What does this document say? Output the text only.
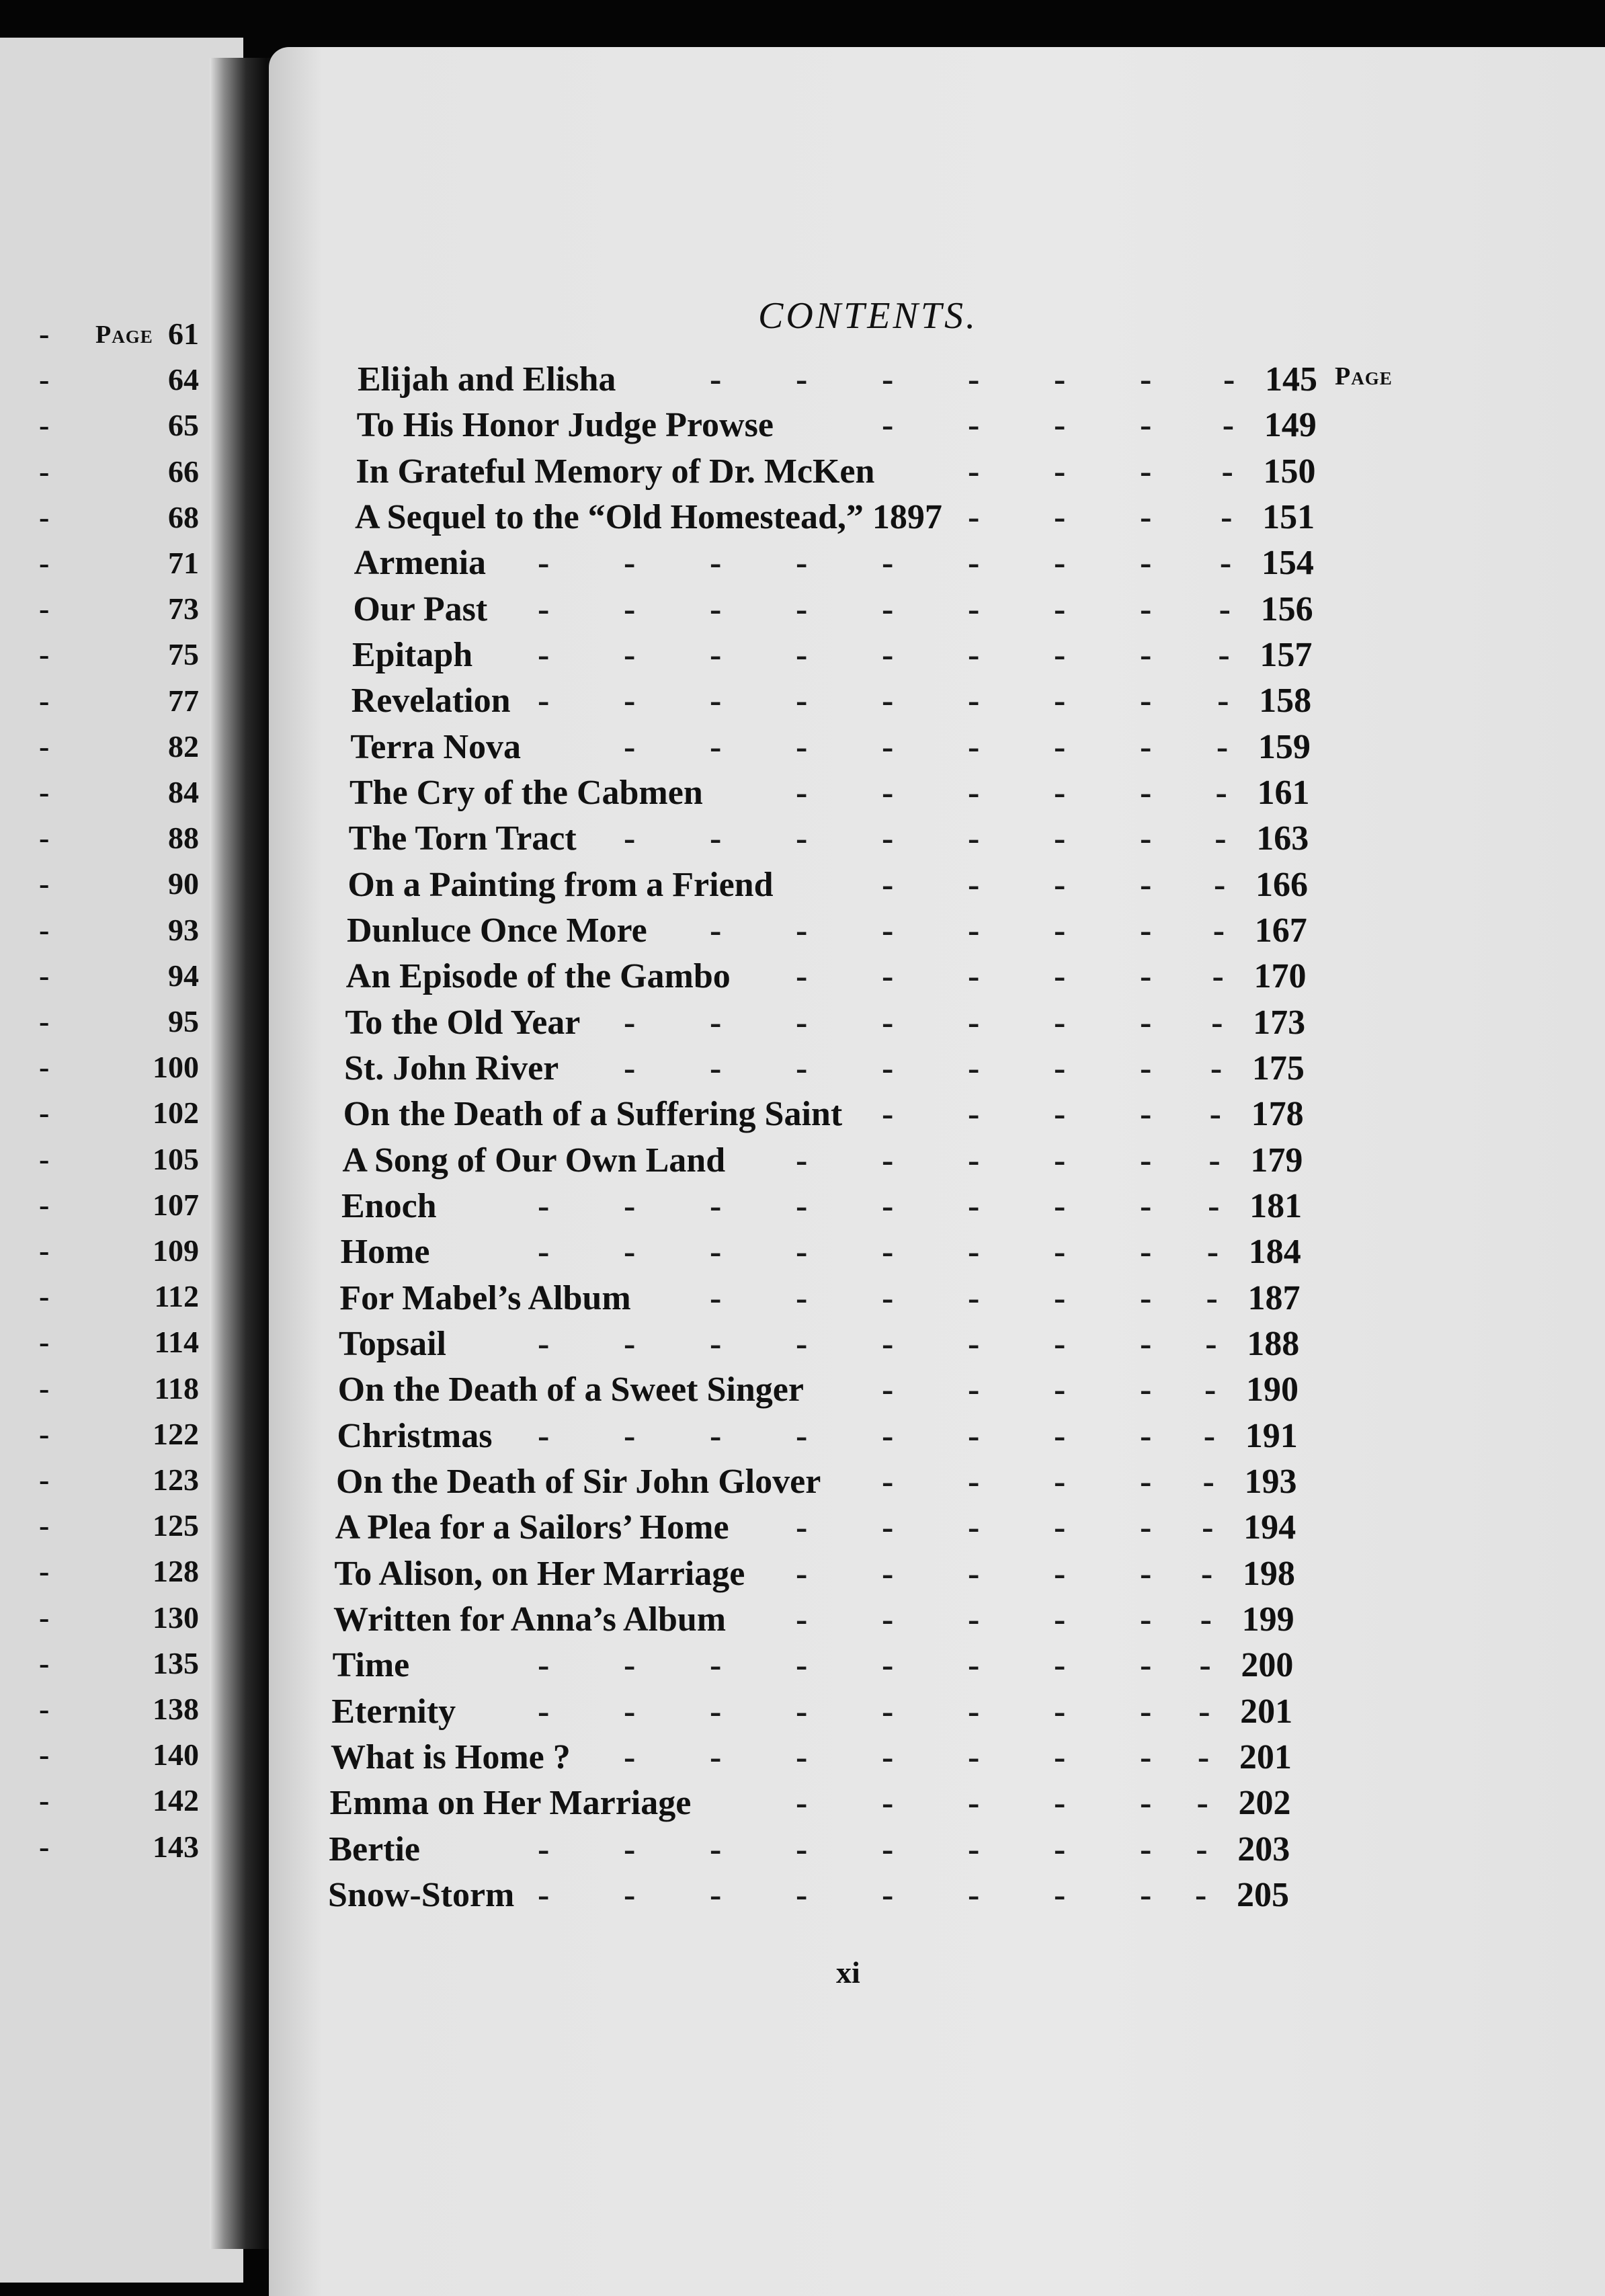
Page
-	61
-	64
-	65
-	66
-	68
-	71
-	73
-	75
-	77
-	82
-	84
-	88
-	90
-	93
-	94
-	95
-	100
-	102
-	105
-	107
-	109
-	112
-	114
-	118
-	122
-	123
-	125
-	128
-	130
-	135
-	138
-	140
-	142
-	143
CONTENTS.
Page
Elijah and Elisha	145
- - - - - - -
To His Honor Judge Prowse	149
- - - - -
In Grateful Memory of Dr. McKen	150
- - - -
A Sequel to the “Old Homestead,” 1897	151
- - - -
Armenia	154
- - - - - - - - -
Our Past	156
- - - - - - - - -
Epitaph	157
- - - - - - - - -
Revelation	158
- - - - - - - - -
Terra Nova	159
- - - - - - - -
The Cry of the Cabmen	161
- - - - - -
The Torn Tract	163
- - - - - - - -
On a Painting from a Friend	166
- - - - -
Dunluce Once More	167
- - - - - - -
An Episode of the Gambo	170
- - - - - -
To the Old Year	173
- - - - - - - -
St. John River	175
- - - - - - - -
On the Death of a Suffering Saint	178
- - - - -
A Song of Our Own Land	179
- - - - - -
Enoch	181
- - - - - - - - -
Home	184
- - - - - - - - -
For Mabel’s Album	187
- - - - - - -
Topsail	188
- - - - - - - - -
On the Death of a Sweet Singer	190
- - - - -
Christmas	191
- - - - - - - - -
On the Death of Sir John Glover	193
- - - - -
A Plea for a Sailors’ Home	194
- - - - - -
To Alison, on Her Marriage	198
- - - - - -
Written for Anna’s Album	199
- - - - - -
Time	200
- - - - - - - - -
Eternity	201
- - - - - - - - -
What is Home ?	201
- - - - - - - -
Emma on Her Marriage	202
- - - - - -
Bertie	203
- - - - - - - - -
Snow-Storm	205
- - - - - - - - -
xi
